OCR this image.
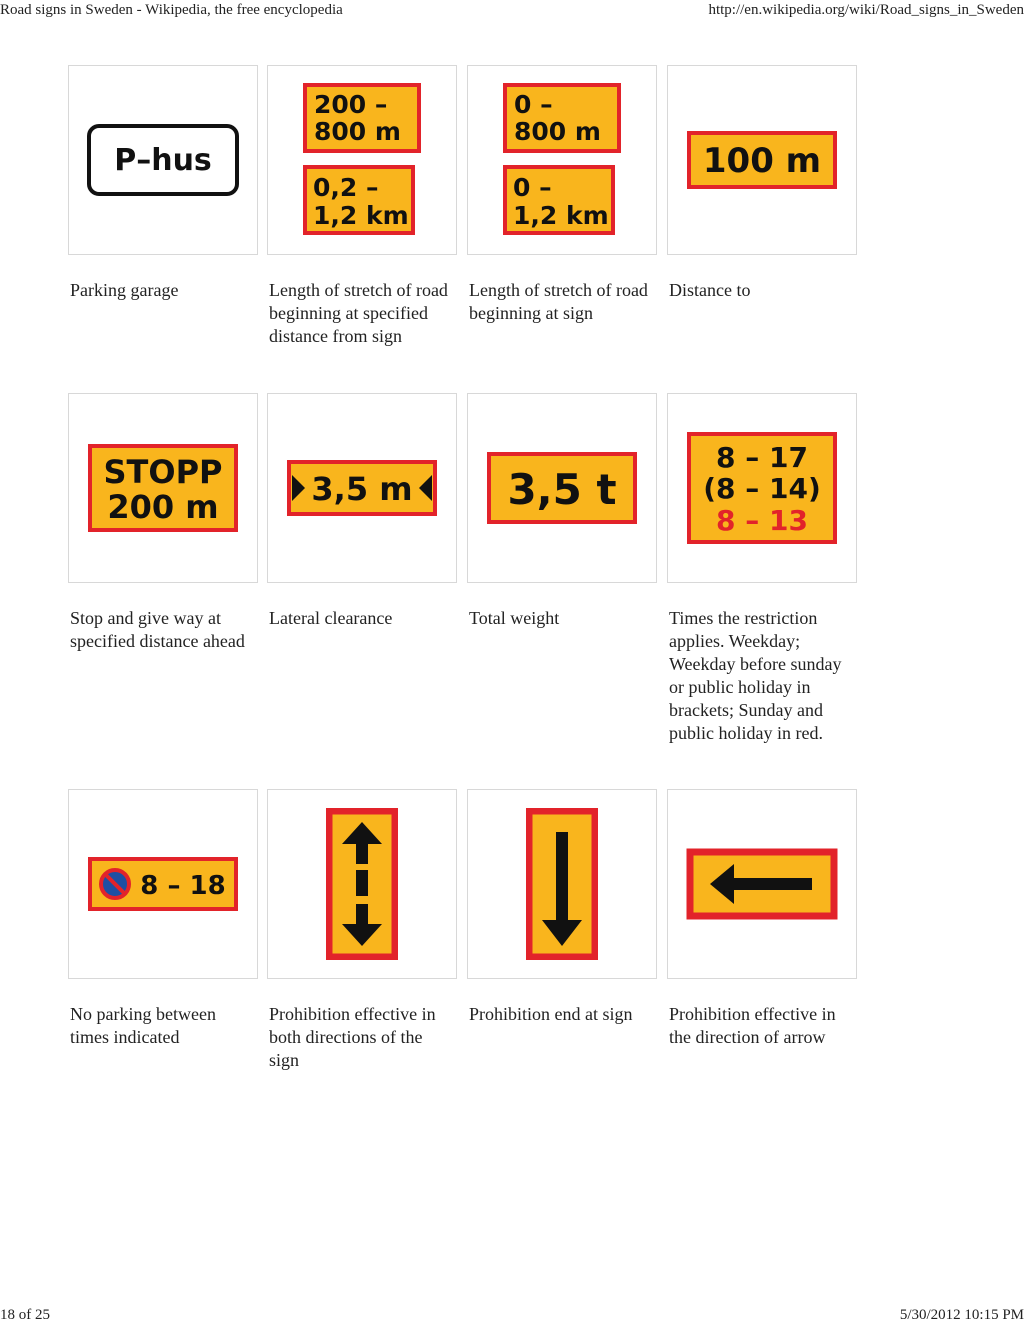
Road signs in Sweden - Wikipedia, the free encyclopedia	http://en.wikipedia.org/wiki/Road_signs_in_Sweden
P–hus
Parking garage
200 –
800 m
0,2 –
1,2 km
Length of stretch of road beginning at specified distance from sign
0 –
800 m
0 –
1,2 km
Length of stretch of road beginning at sign
100 m
Distance to
STOPP
200 m
Stop and give way at specified distance ahead
3,5 m
Lateral clearance
3,5 t
Total weight
8 – 17
(8 – 14)
8 – 13
Times the restriction applies. Weekday; Weekday before sunday or public holiday in brackets; Sunday and public holiday in red.
8 – 18
No parking between times indicated
Prohibition effective in both directions of the sign
Prohibition end at sign	Prohibition effective in the direction of arrow
18 of 25	5/30/2012 10:15 PM
